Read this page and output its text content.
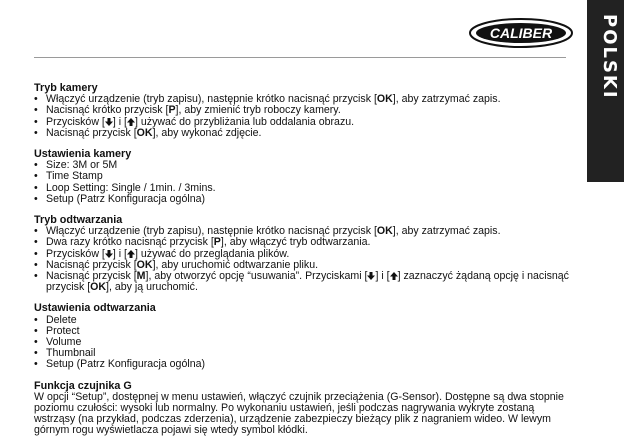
CALIBER	POLSKI
Tryb kamery
• Włączyć urządzenie (tryb zapisu), następnie krótko nacisnąć przycisk [OK], aby zatrzymać zapis.
• Nacisnąć krótko przycisk [P], aby zmienić tryb roboczy kamery.
• Przycisków [ ] i [ ] używać do przybliżania lub oddalania obrazu.
• Nacisnąć przycisk [OK], aby wykonać zdjęcie.
Ustawienia kamery
• Size: 3M or 5M
• Time Stamp
• Loop Setting: Single / 1min. / 3mins.
• Setup (Patrz Konfiguracja ogólna)
Tryb odtwarzania
• Włączyć urządzenie (tryb zapisu), następnie krótko nacisnąć przycisk [OK], aby zatrzymać zapis.
• Dwa razy krótko nacisnąć przycisk [P], aby włączyć tryb odtwarzania.
• Przycisków [ ] i [ ] używać do przeglądania plików.
• Nacisnąć przycisk [OK], aby uruchomić odtwarzanie pliku.
• Nacisnąć przycisk [M], aby otworzyć opcję “usuwania”. Przyciskami [ ] i [ ] zaznaczyć żądaną opcję i nacisnąć przycisk [OK], aby ją uruchomić.
Ustawienia odtwarzania
• Delete
• Protect
• Volume
• Thumbnail
• Setup (Patrz Konfiguracja ogólna)
Funkcja czujnika G

W opcji “Setup”, dostępnej w menu ustawień, włączyć czujnik przeciążenia (G-Sensor). Dostępne są dwa stopnie poziomu czułości: wysoki lub normalny. Po wykonaniu ustawień, jeśli podczas nagrywania wykryte zostaną wstrząsy (na przykład, podczas zderzenia), urządzenie zabezpieczy bieżący plik z nagraniem wideo. W lewym górnym rogu wyświetlacza pojawi się wtedy symbol kłódki.
